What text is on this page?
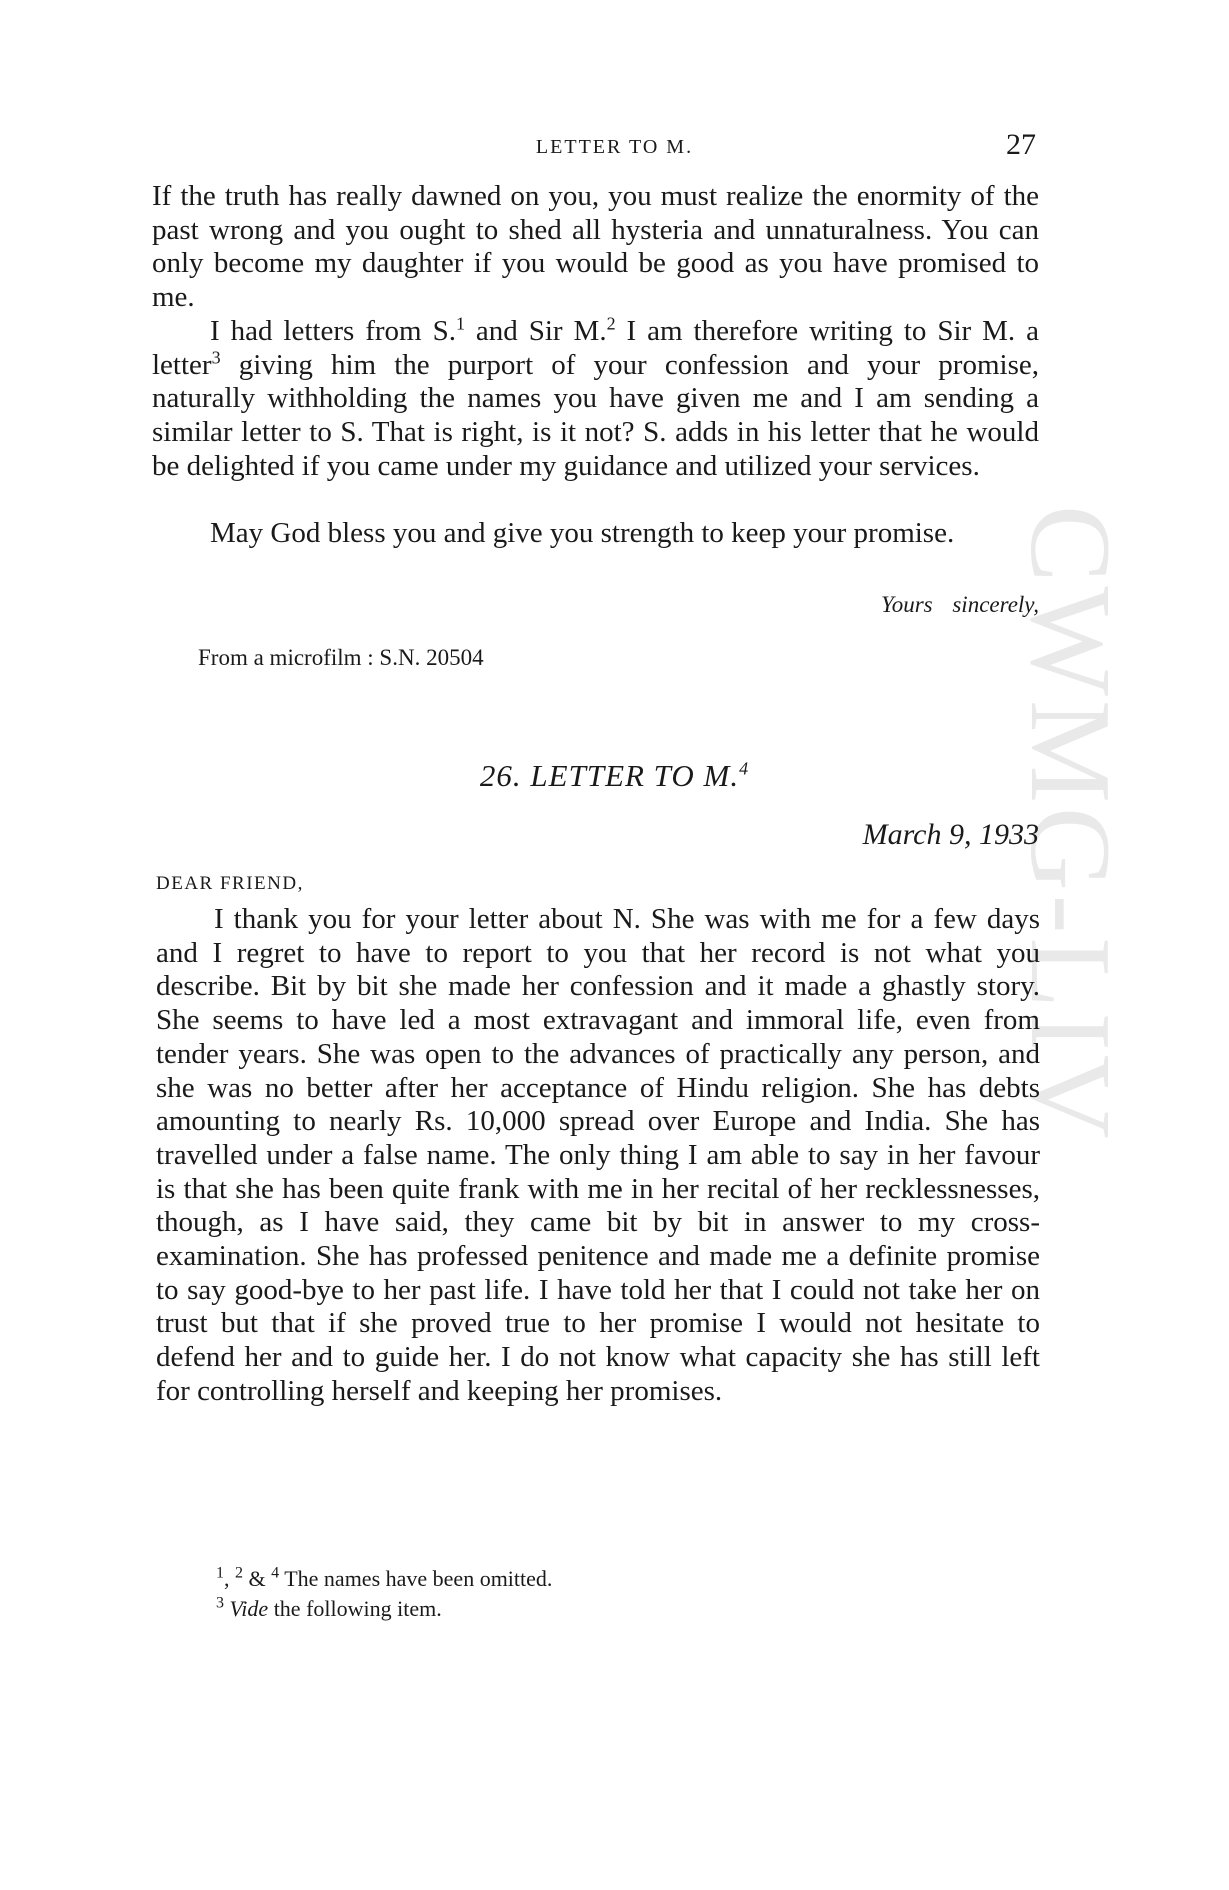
CWMG-LIV
LETTER TO M.	27

If the truth has really dawned on you, you must realize the enormity of the past wrong and you ought to shed all hysteria and unnaturalness. You can only become my daughter if you would be good as you have promised to me.

I had letters from S.$^1$ and Sir M.$^2$ I am therefore writing to Sir M. a letter$^3$ giving him the purport of your confession and your promise, naturally withholding the names you have given me and I am sending a similar letter to S. That is right, is it not? S. adds in his letter that he would be delighted if you came under my guidance and utilized your services.

May God bless you and give you strength to keep your promise.

Yours sincerely,
From a microfilm : S.N. 20504
26. LETTER TO M.$^4$
March 9, 1933
DEAR FRIEND,

I thank you for your letter about N. She was with me for a few days and I regret to have to report to you that her record is not what you describe. Bit by bit she made her confession and it made a ghastly story. She seems to have led a most extravagant and immoral life, even from tender years. She was open to the advances of practically any person, and she was no better after her acceptance of Hindu religion. She has debts amounting to nearly Rs. 10,000 spread over Europe and India. She has travelled under a false name. The only thing I am able to say in her favour is that she has been quite frank with me in her recital of her recklessnesses, though, as I have said, they came bit by bit in answer to my cross-examination. She has professed penitence and made me a definite promise to say good-bye to her past life. I have told her that I could not take her on trust but that if she proved true to her promise I would not hesitate to defend her and to guide her. I do not know what capacity she has still left for controlling herself and keeping her promises.

$^1$, $^2$ & $^4$ The names have been omitted.
$^3$ Vide the following item.
